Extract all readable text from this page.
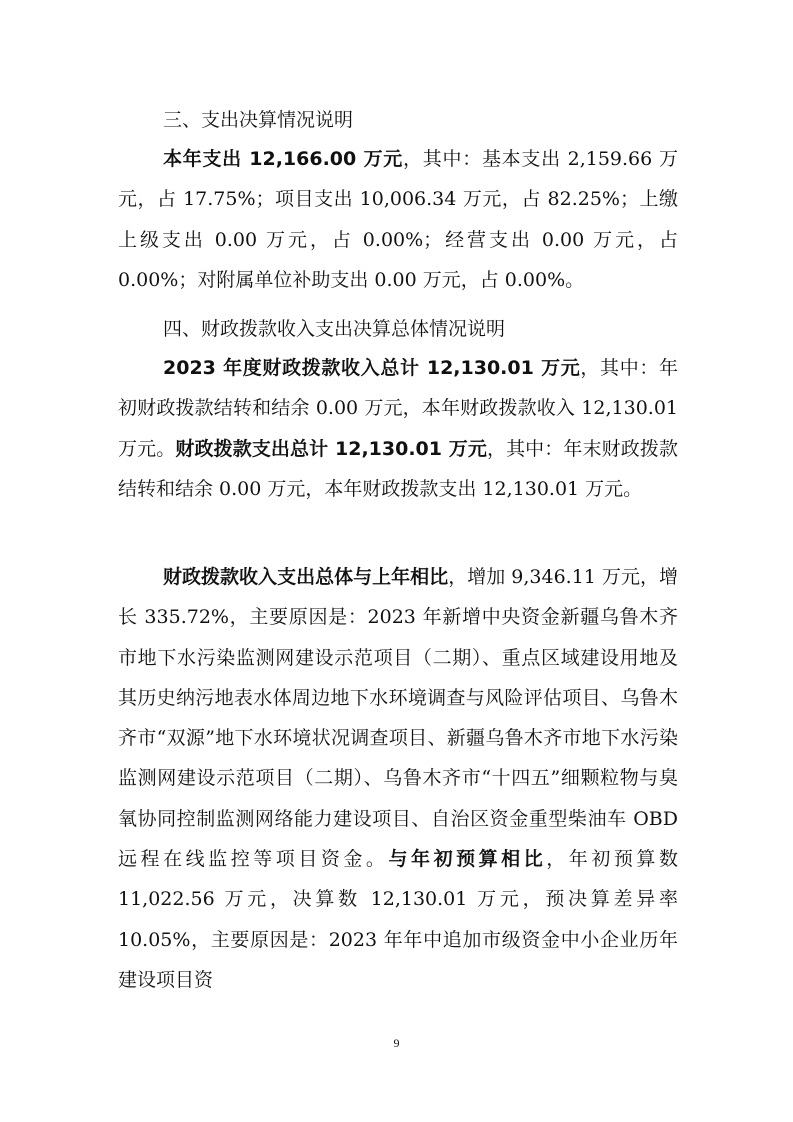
三、支出决算情况说明

本年支出 12,166.00 万元，其中：基本支出 2,159.66 万元，占 17.75%；项目支出 10,006.34 万元，占 82.25%；上缴上级支出 0.00 万元，占 0.00%；经营支出 0.00 万元，占 0.00%；对附属单位补助支出 0.00 万元，占 0.00%。

四、财政拨款收入支出决算总体情况说明

2023 年度财政拨款收入总计 12,130.01 万元，其中：年初财政拨款结转和结余 0.00 万元，本年财政拨款收入 12,130.01 万元。财政拨款支出总计 12,130.01 万元，其中：年末财政拨款结转和结余 0.00 万元，本年财政拨款支出 12,130.01 万元。

财政拨款收入支出总体与上年相比，增加 9,346.11 万元，增长 335.72%，主要原因是：2023 年新增中央资金新疆乌鲁木齐市地下水污染监测网建设示范项目（二期）、重点区域建设用地及其历史纳污地表水体周边地下水环境调查与风险评估项目、乌鲁木齐市“双源”地下水环境状况调查项目、新疆乌鲁木齐市地下水污染监测网建设示范项目（二期）、乌鲁木齐市“十四五”细颗粒物与臭氧协同控制监测网络能力建设项目、自治区资金重型柴油车 OBD 远程在线监控等项目资金。与年初预算相比，年初预算数 11,022.56 万元，决算数 12,130.01 万元，预决算差异率 10.05%，主要原因是：2023 年年中追加市级资金中小企业历年建设项目资

9
